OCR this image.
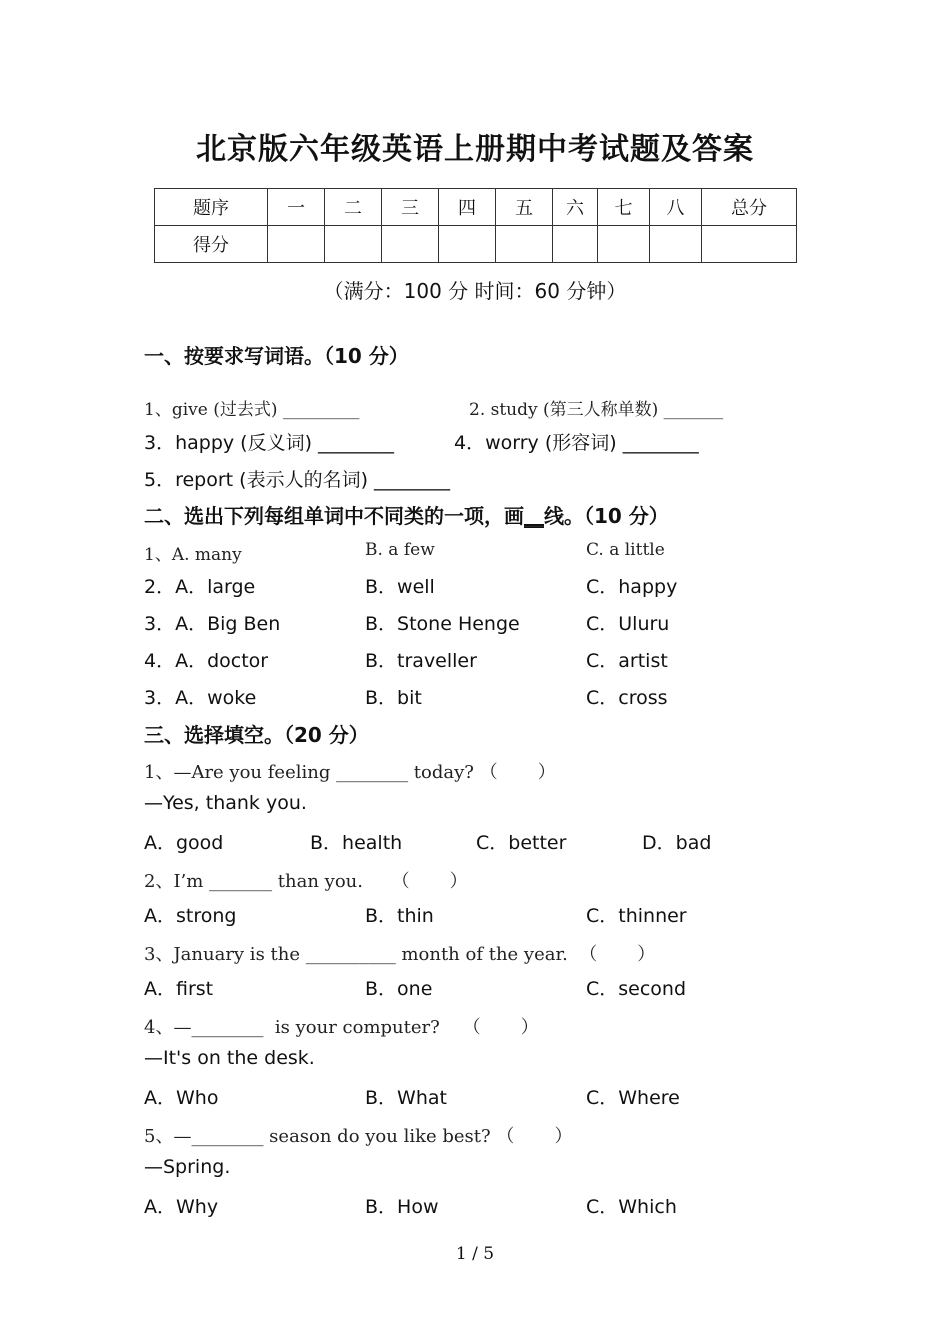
北京版六年级英语上册期中考试题及答案
题序	一	二	三	四	五	六	七	八	总分
得分									
（满分：100 分 时间：60 分钟）
一、按要求写词语。（10 分）
1、give (过去式) _________	2. study (第三人称单数) _______
3．happy (反义词) ________	4．worry (形容词) ________
5．report (表示人的名词) ________
二、选出下列每组单词中不同类的一项，画__线。（10 分）
1、A. many	B. a few	C. a little
2．A．large	B．well	C．happy
3．A．Big Ben	B．Stone Henge	C．Uluru
4．A．doctor	B．traveller	C．artist
3．A．woke	B．bit	C．cross
三、选择填空。（20 分）
1、—Are you feeling ________ today? （       ）
—Yes, thank you.
A．good	B．health	C．better	D．bad
2、I’m _______ than you.     （       ）
A．strong	B．thin	C．thinner
3、January is the __________ month of the year.  （       ）
A．first	B．one	C．second
4、—________  is your computer?    （       ）
—It's on the desk.
A．Who	B．What	C．Where
5、—________ season do you like best? （       ）
—Spring.
A．Why	B．How	C．Which
1 / 5
